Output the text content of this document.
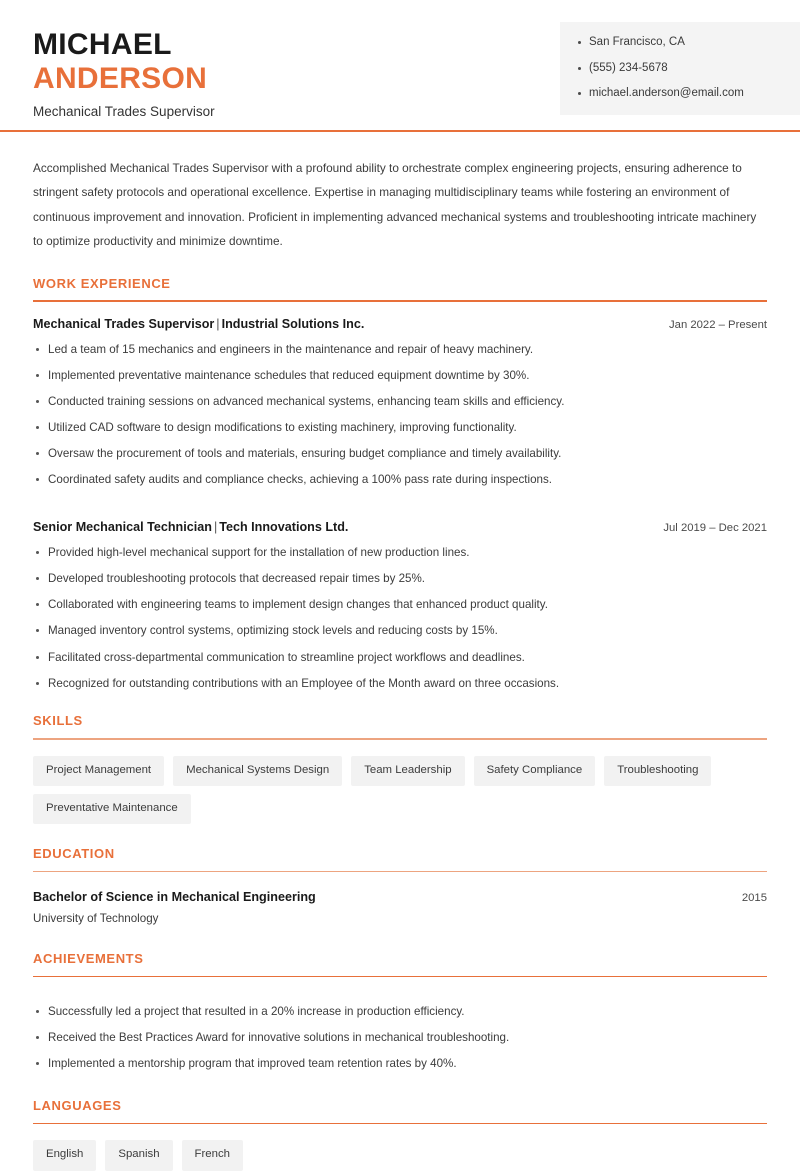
MICHAEL
ANDERSON
Mechanical Trades Supervisor
San Francisco, CA
(555) 234-5678
michael.anderson@email.com

Accomplished Mechanical Trades Supervisor with a profound ability to orchestrate complex engineering projects, ensuring adherence to stringent safety protocols and operational excellence. Expertise in managing multidisciplinary teams while fostering an environment of continuous improvement and innovation. Proficient in implementing advanced mechanical systems and troubleshooting intricate machinery to optimize productivity and minimize downtime.

WORK EXPERIENCE
Mechanical Trades Supervisor | Industrial Solutions Inc.	Jan 2022 – Present
Led a team of 15 mechanics and engineers in the maintenance and repair of heavy machinery.
Implemented preventative maintenance schedules that reduced equipment downtime by 30%.
Conducted training sessions on advanced mechanical systems, enhancing team skills and efficiency.
Utilized CAD software to design modifications to existing machinery, improving functionality.
Oversaw the procurement of tools and materials, ensuring budget compliance and timely availability.
Coordinated safety audits and compliance checks, achieving a 100% pass rate during inspections.
Senior Mechanical Technician | Tech Innovations Ltd.	Jul 2019 – Dec 2021
Provided high-level mechanical support for the installation of new production lines.
Developed troubleshooting protocols that decreased repair times by 25%.
Collaborated with engineering teams to implement design changes that enhanced product quality.
Managed inventory control systems, optimizing stock levels and reducing costs by 15%.
Facilitated cross-departmental communication to streamline project workflows and deadlines.
Recognized for outstanding contributions with an Employee of the Month award on three occasions.
SKILLS
Project Management	Mechanical Systems Design	Team Leadership	Safety Compliance	Troubleshooting
Preventative Maintenance
EDUCATION
Bachelor of Science in Mechanical Engineering	2015
University of Technology
ACHIEVEMENTS
Successfully led a project that resulted in a 20% increase in production efficiency.
Received the Best Practices Award for innovative solutions in mechanical troubleshooting.
Implemented a mentorship program that improved team retention rates by 40%.
LANGUAGES
English	Spanish	French
